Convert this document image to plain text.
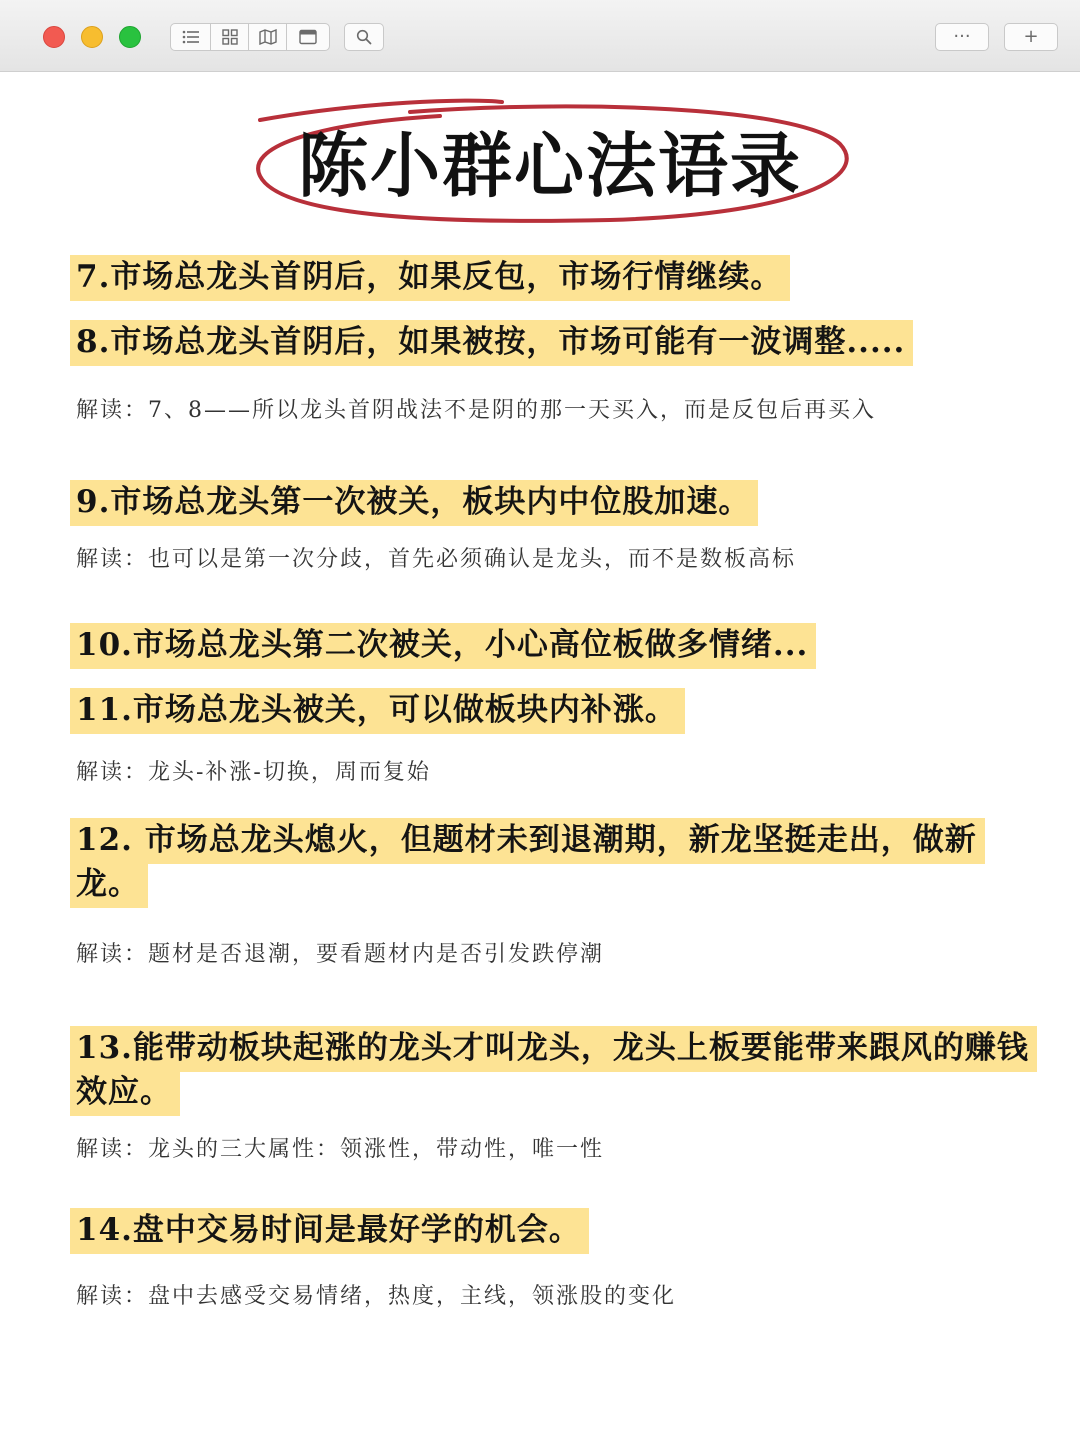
···	+
陈小群心法语录
7.市场总龙头首阴后，如果反包，市场行情继续。
8.市场总龙头首阴后，如果被按，市场可能有一波调整.....
解读：7、8——所以龙头首阴战法不是阴的那一天买入，而是反包后再买入
9.市场总龙头第一次被关，板块内中位股加速。
解读：也可以是第一次分歧，首先必须确认是龙头，而不是数板高标
10.市场总龙头第二次被关，小心高位板做多情绪...
11.市场总龙头被关，可以做板块内补涨。
解读：龙头-补涨-切换，周而复始
12. 市场总龙头熄火，但题材未到退潮期，新龙坚挺走出，做新龙。
解读：题材是否退潮，要看题材内是否引发跌停潮
13.能带动板块起涨的龙头才叫龙头，龙头上板要能带来跟风的赚钱效应。
解读：龙头的三大属性：领涨性，带动性，唯一性
14.盘中交易时间是最好学的机会。
解读：盘中去感受交易情绪，热度，主线，领涨股的变化
